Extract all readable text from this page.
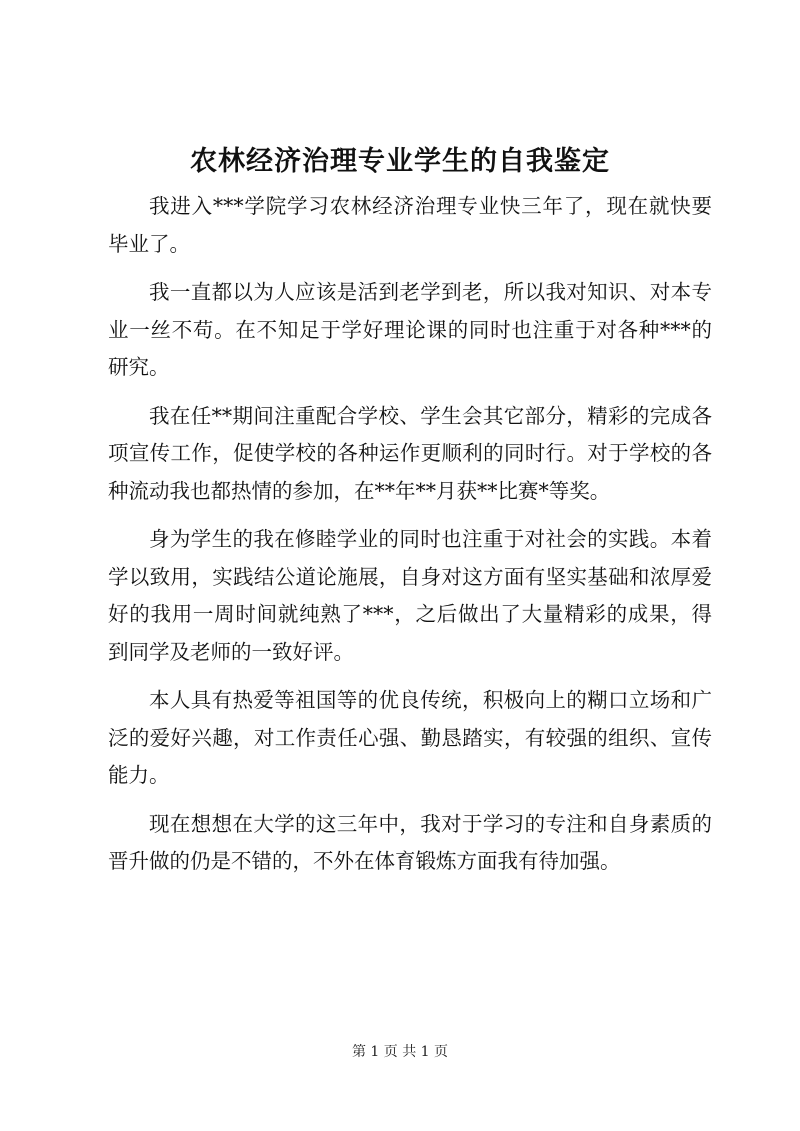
农林经济治理专业学生的自我鉴定

我进入***学院学习农林经济治理专业快三年了，现在就快要毕业了。

我一直都以为人应该是活到老学到老，所以我对知识、对本专业一丝不苟。在不知足于学好理论课的同时也注重于对各种***的研究。

我在任**期间注重配合学校、学生会其它部分，精彩的完成各项宣传工作，促使学校的各种运作更顺利的同时行。对于学校的各种流动我也都热情的参加，在**年**月获**比赛*等奖。

身为学生的我在修睦学业的同时也注重于对社会的实践。本着学以致用，实践结公道论施展，自身对这方面有坚实基础和浓厚爱好的我用一周时间就纯熟了***，之后做出了大量精彩的成果，得到同学及老师的一致好评。

本人具有热爱等祖国等的优良传统，积极向上的糊口立场和广泛的爱好兴趣，对工作责任心强、勤恳踏实，有较强的组织、宣传能力。

现在想想在大学的这三年中，我对于学习的专注和自身素质的晋升做的仍是不错的，不外在体育锻炼方面我有待加强。

第 1 页 共 1 页
